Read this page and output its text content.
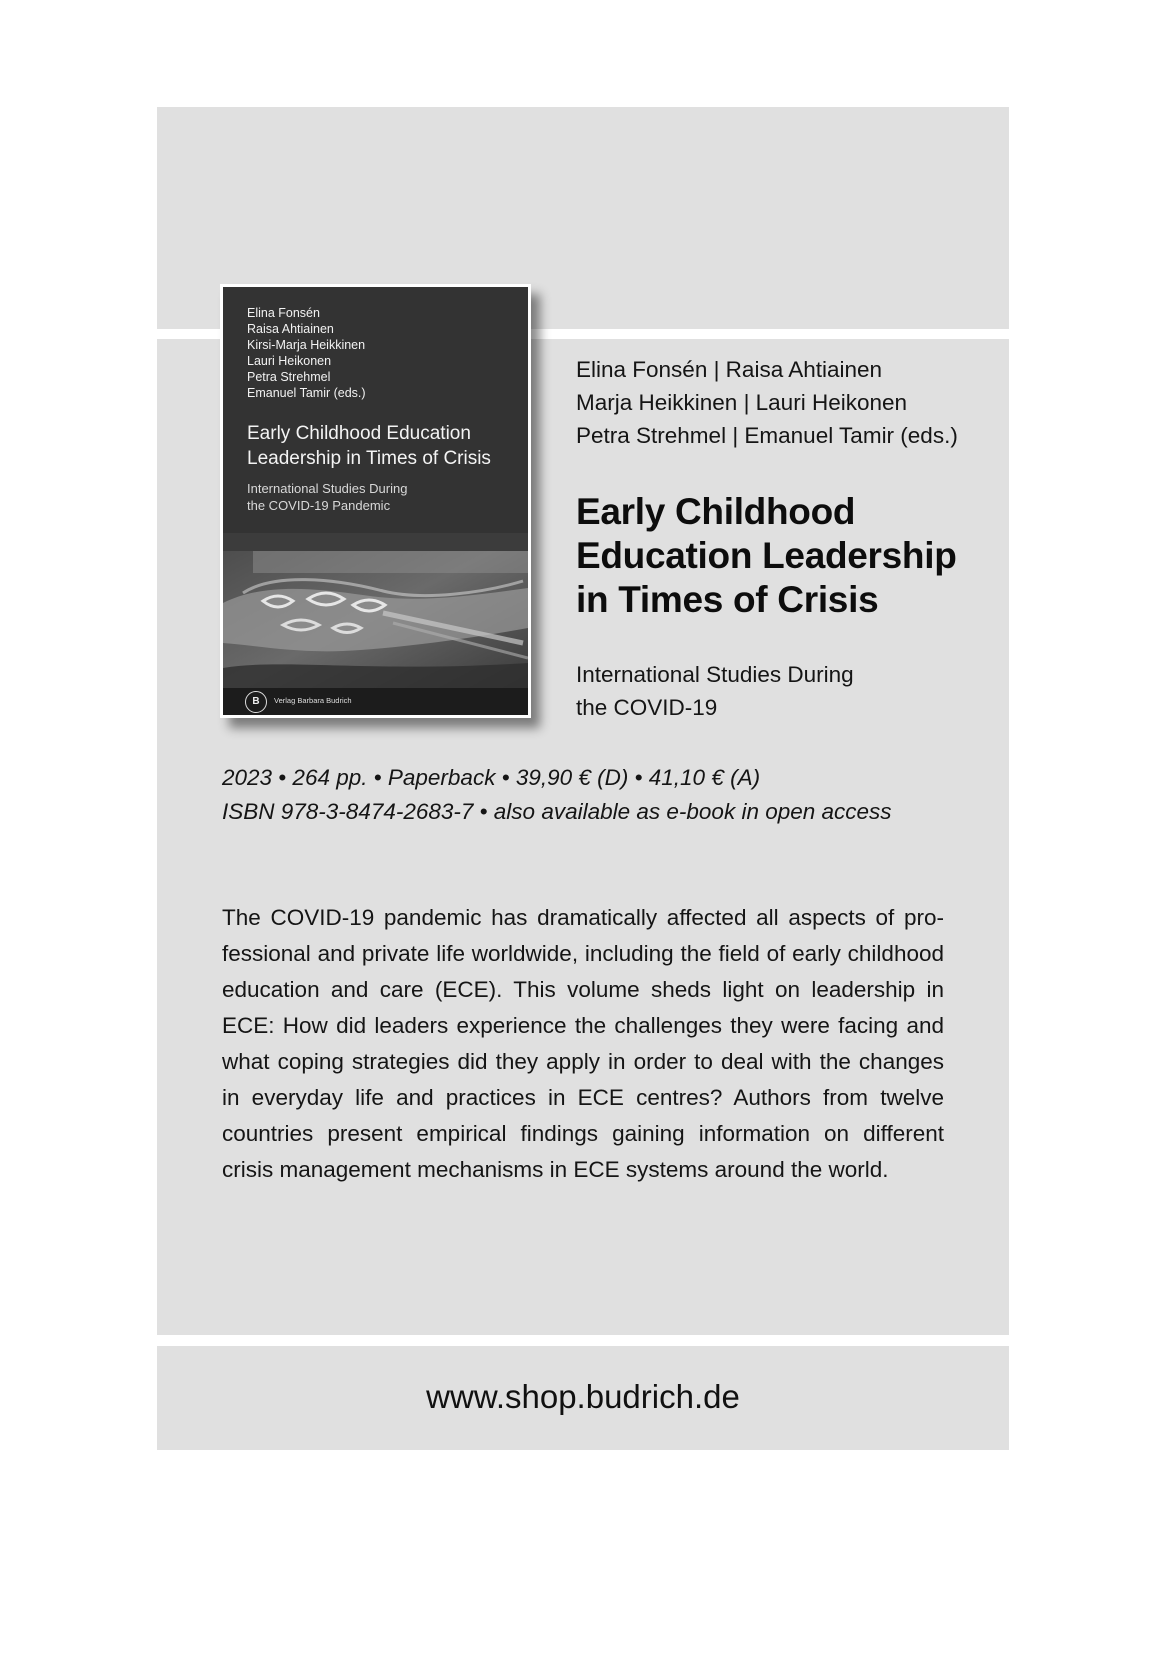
Elina Fonsén
Raisa Ahtiainen
Kirsi-Marja Heikkinen
Lauri Heikonen
Petra Strehmel
Emanuel Tamir (eds.)
Early Childhood Education
Leadership in Times of Crisis
International Studies During
the COVID-19 Pandemic
B	Verlag Barbara Budrich
Elina Fonsén | Raisa Ahtiainen
Marja Heikkinen | Lauri Heikonen
Petra Strehmel | Emanuel Tamir (eds.)
Early Childhood
Education Leadership
in Times of Crisis
International Studies During
the COVID-19
2023 • 264 pp. • Paperback • 39,90 € (D) • 41,10 € (A)
ISBN 978-3-8474-2683-7 • also available as e-book in open access
The COVID-19 pandemic has dramatically affected all aspects of professional and private life worldwide, including the field of early childhood education and care (ECE). This volume sheds light on leadership in ECE: How did leaders experience the challenges they were facing and what coping strategies did they apply in order to deal with the changes in everyday life and practices in ECE centres? Authors from twelve countries present empirical findings gaining information on different crisis management mechanisms in ECE systems around the world.
www.shop.budrich.de
